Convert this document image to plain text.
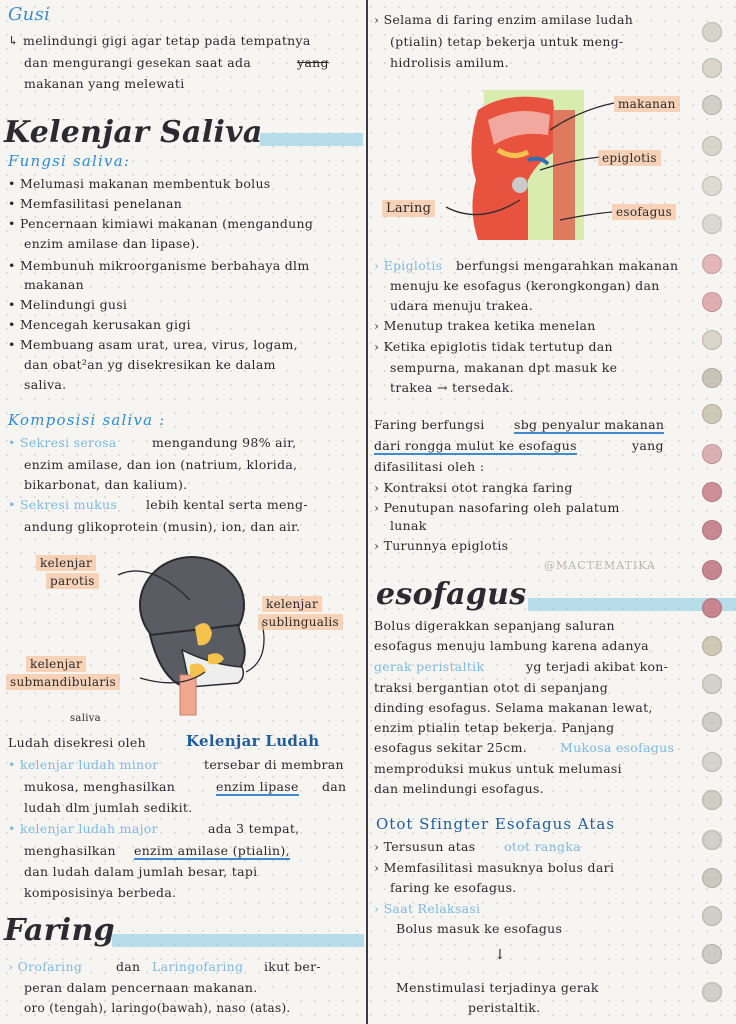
Gusi
↳ melindungi gigi agar tetap pada tempatnya
dan mengurangi gesekan saat ada	yang
makanan yang melewati
Kelenjar Saliva
Fungsi saliva:
• Melumasi makanan membentuk bolus
• Memfasilitasi penelanan
• Pencernaan kimiawi makanan (mengandung
enzim amilase dan lipase).
• Membunuh mikroorganisme berbahaya dlm
makanan
• Melindungi gusi
• Mencegah kerusakan gigi
• Membuang asam urat, urea, virus, logam,
dan obat²an yg disekresikan ke dalam
saliva.
Komposisi saliva :
• Sekresi serosa	mengandung 98% air,
enzim amilase, dan ion (natrium, klorida,
bikarbonat, dan kalium).
• Sekresi mukus lebih kental serta meng-
andung glikoprotein (musin), ion, dan air.
kelenjar
parotis
kelenjar
sublingualis
kelenjar
submandibularis
saliva
Ludah disekresi oleh	Kelenjar Ludah
• kelenjar ludah minor	tersebar di membran
mukosa, menghasilkan	enzim lipase dan
ludah dlm jumlah sedikit.
• kelenjar ludah major	ada 3 tempat,
menghasilkan enzim amilase (ptialin),
dan ludah dalam jumlah besar, tapi
komposisinya berbeda.
Faring
› Orofaring	dan Laringofaring ikut ber-
peran dalam pencernaan makanan.
oro (tengah), laringo(bawah), naso (atas).
› Selama di faring enzim amilase ludah
(ptialin) tetap bekerja untuk meng-
hidrolisis amilum.
makanan
epiglotis
Laring	esofagus
› Epiglotis berfungsi mengarahkan makanan
menuju ke esofagus (kerongkongan) dan
udara menuju trakea.
› Menutup trakea ketika menelan
› Ketika epiglotis tidak tertutup dan
sempurna, makanan dpt masuk ke
trakea → tersedak.
Faring berfungsi sbg penyalur makanan
dari rongga mulut ke esofagus	yang
difasilitasi oleh :
› Kontraksi otot rangka faring
› Penutupan nasofaring oleh palatum
lunak
› Turunnya epiglotis
@MACTEMATIKA
esofagus
Bolus digerakkan sepanjang saluran
esofagus menuju lambung karena adanya
gerak peristaltik	yg terjadi akibat kon-
traksi bergantian otot di sepanjang
dinding esofagus. Selama makanan lewat,
enzim ptialin tetap bekerja. Panjang
esofagus sekitar 25cm.	Mukosa esofagus
memproduksi mukus untuk melumasi
dan melindungi esofagus.
Otot Sfingter Esofagus Atas
› Tersusun atas otot rangka
› Memfasilitasi masuknya bolus dari
faring ke esofagus.
› Saat Relaksasi
Bolus masuk ke esofagus
↓
Menstimulasi terjadinya gerak
peristaltik.
